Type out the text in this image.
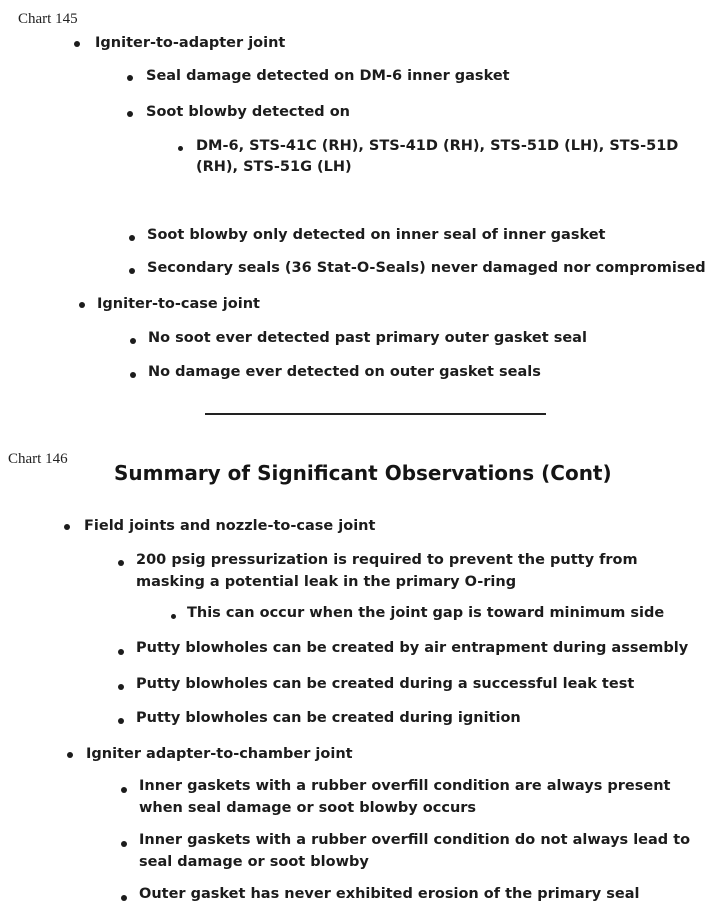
Chart 145
Igniter-to-adapter joint
Seal damage detected on DM-6 inner gasket
Soot blowby detected on
DM-6, STS-41C (RH), STS-41D (RH), STS-51D (LH), STS-51D (RH), STS-51G (LH)
Soot blowby only detected on inner seal of inner gasket
Secondary seals (36 Stat-O-Seals) never damaged nor compromised
Igniter-to-case joint
No soot ever detected past primary outer gasket seal
No damage ever detected on outer gasket seals
Chart 146
Summary of Significant Observations (Cont)
Field joints and nozzle-to-case joint
200 psig pressurization is required to prevent the putty from masking a potential leak in the primary O-ring
This can occur when the joint gap is toward minimum side
Putty blowholes can be created by air entrapment during assembly
Putty blowholes can be created during a successful leak test
Putty blowholes can be created during ignition
Igniter adapter-to-chamber joint
Inner gaskets with a rubber overfill condition are always present when seal damage or soot blowby occurs
Inner gaskets with a rubber overfill condition do not always lead to seal damage or soot blowby
Outer gasket has never exhibited erosion of the primary seal
